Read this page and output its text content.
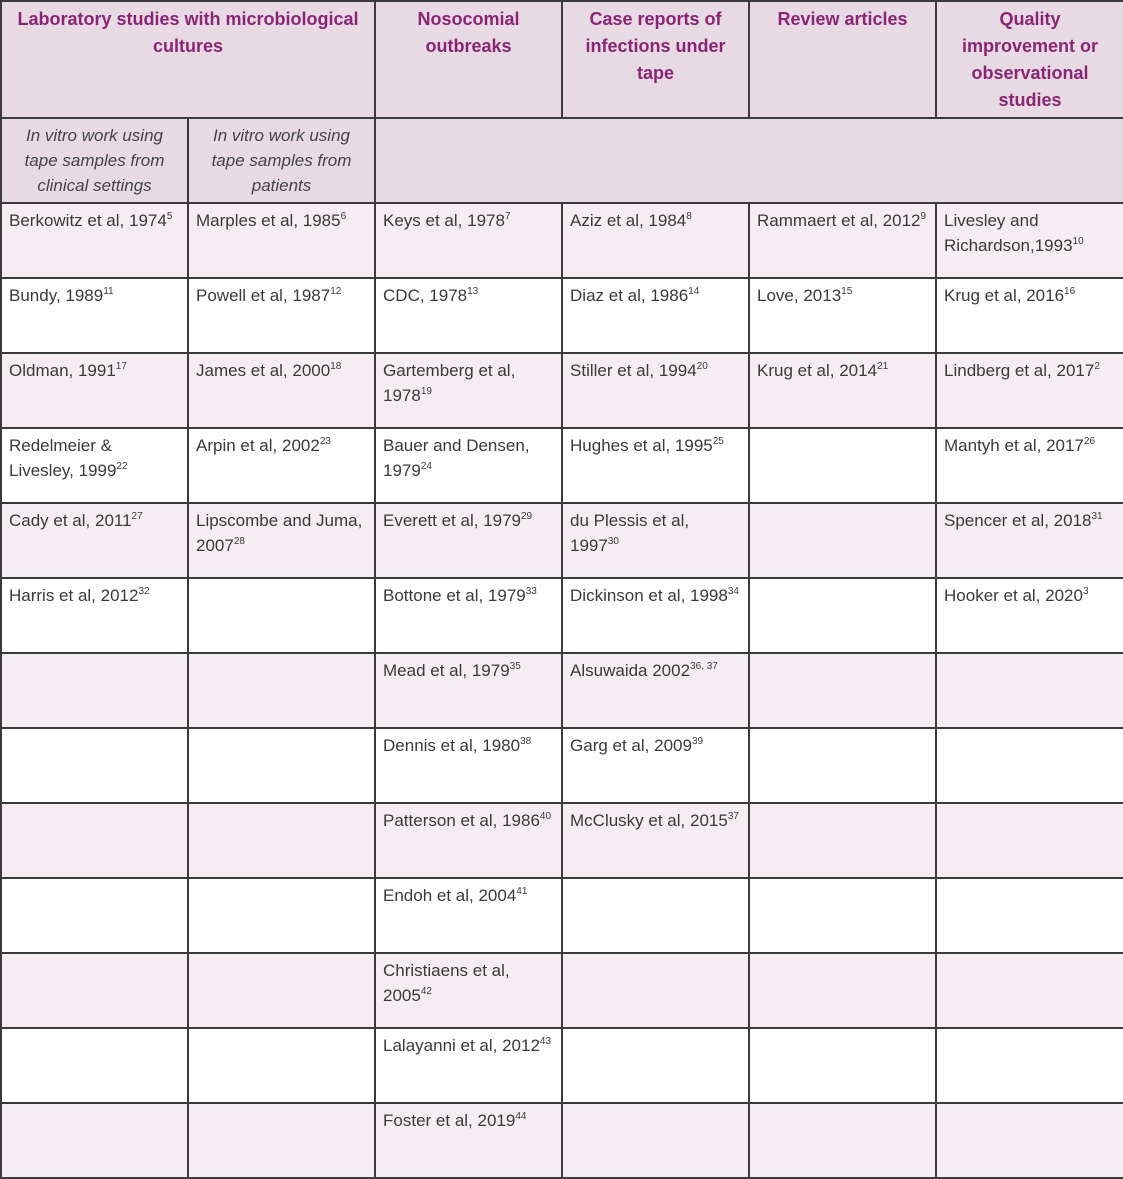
Laboratory studies with microbiological cultures		Nosocomial outbreaks	Case reports of infections under tape	Review articles	Quality improvement or observational studies
In vitro work using tape samples from clinical settings	In vitro work using tape samples from patients				
Berkowitz et al, 1974$^5$	Marples et al, 1985$^6$	Keys et al, 1978$^7$	Aziz et al, 1984$^8$	Rammaert et al, 2012$^9$	Livesley and Richardson,1993$^{10}$
Bundy, 1989$^{11}$	Powell et al, 1987$^{12}$	CDC, 1978$^{13}$	Diaz et al, 1986$^{14}$	Love, 2013$^{15}$	Krug et al, 2016$^{16}$
Oldman, 1991$^{17}$	James et al, 2000$^{18}$	Gartemberg et al, 1978$^{19}$	Stiller et al, 1994$^{20}$	Krug et al, 2014$^{21}$	Lindberg et al, 2017$^2$
Redelmeier & Livesley, 1999$^{22}$	Arpin et al, 2002$^{23}$	Bauer and Densen, 1979$^{24}$	Hughes et al, 1995$^{25}$		Mantyh et al, 2017$^{26}$
Cady et al, 2011$^{27}$	Lipscombe and Juma, 2007$^{28}$	Everett et al, 1979$^{29}$	du Plessis et al, 1997$^{30}$		Spencer et al, 2018$^{31}$
Harris et al, 2012$^{32}$		Bottone et al, 1979$^{33}$	Dickinson et al, 1998$^{34}$		Hooker et al, 2020$^3$
		Mead et al, 1979$^{35}$	Alsuwaida 2002$^{36, 37}$		
		Dennis et al, 1980$^{38}$	Garg et al, 2009$^{39}$		
		Patterson et al, 1986$^{40}$	McClusky et al, 2015$^{37}$		
		Endoh et al, 2004$^{41}$			
		Christiaens et al, 2005$^{42}$			
		Lalayanni et al, 2012$^{43}$			
		Foster et al, 2019$^{44}$			
